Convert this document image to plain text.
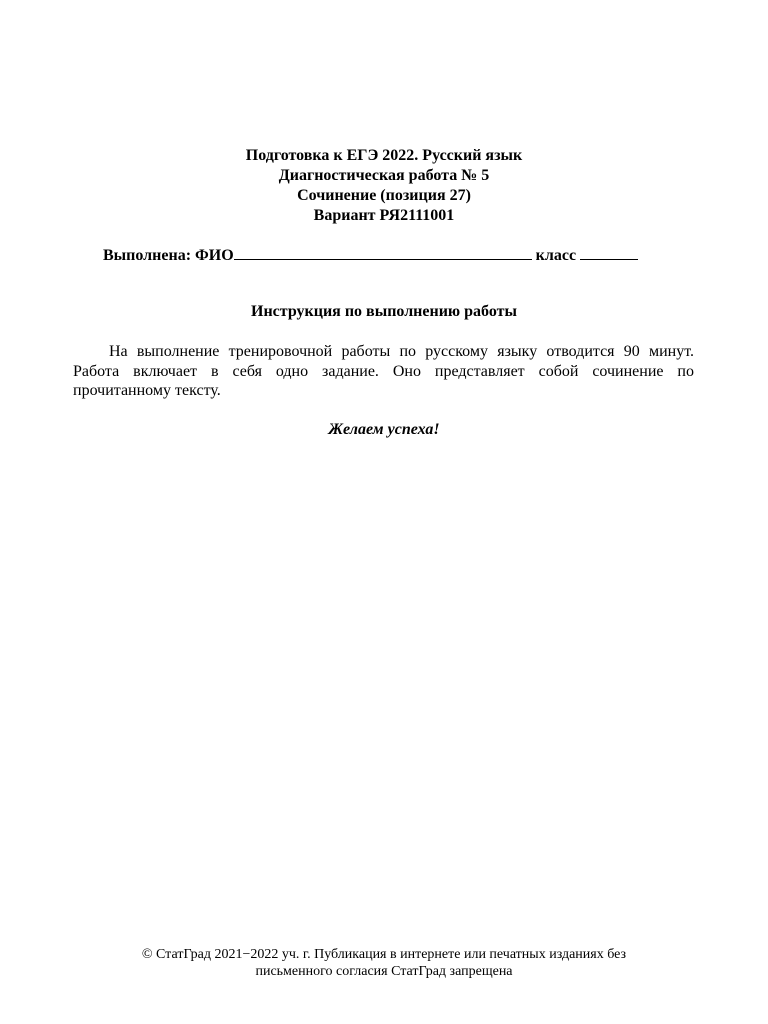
Подготовка к ЕГЭ 2022. Русский язык
Диагностическая работа № 5
Сочинение (позиция 27)
Вариант РЯ2111001
Выполнена: ФИО	класс
Инструкция по выполнению работы

На выполнение тренировочной работы по русскому языку отводится 90 минут. Работа включает в себя одно задание. Оно представляет собой сочинение по прочитанному тексту.

Желаем успеха!
© СтатГрад 2021−2022 уч. г. Публикация в интернете или печатных изданиях без
письменного согласия СтатГрад запрещена
